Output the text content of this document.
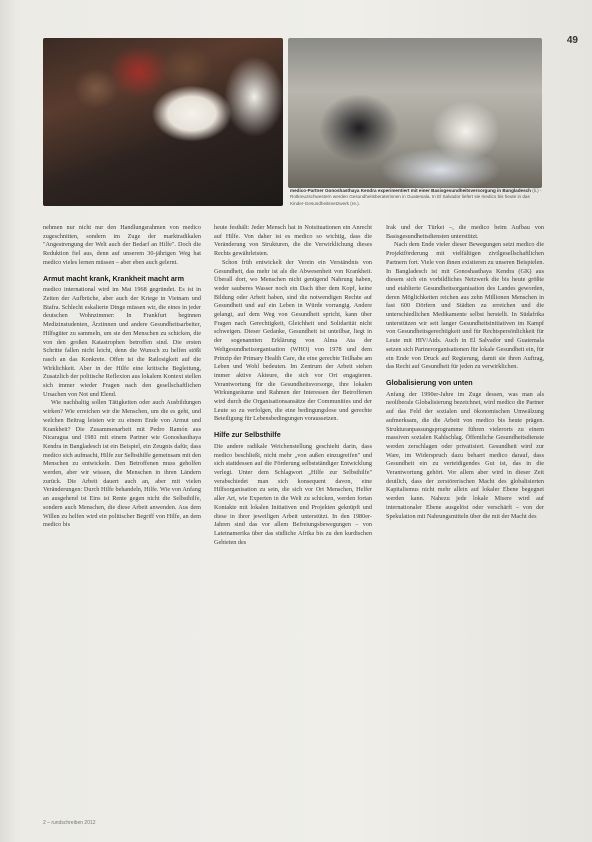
49
medico-Partner Gonoshasthaya Kendra experimentiert mit einer Basisgesundheitsversorgung in Bangladesch (li.) - Rotkreuzschwestern werden Gesundheitsberaterinnen in Guatemala. In El Salvador liefert sie medico bis heute in das Kinder-Gesundheitsnetzwerk (re.).

nehmen nur nicht nur den Handlungsrahmen von medico zugeschnitten, sondern im Zuge der marktradikalen "Angestrengung der Welt auch der Bedarf an Hilfe". Doch die Reduktion fiel aus, denn auf unserem 30-jährigen Weg hat medico vieles lernen müssen – aber eben auch gelernt.

Armut macht krank, Krankheit macht arm

medico international wird im Mai 1968 gegründet. Es ist in Zeiten der Aufbrüche, aber auch der Kriege in Vietnam und Biafra. Schlecht eskalierte Dinge müssen wir, die eines in jeder deutschen Wohnzimmer: In Frankfurt beginnen Medizinstudenten, Ärztinnen und andere Gesundheitsarbeiter, Hilfsgüter zu sammeln, um sie den Menschen zu schicken, die von den großen Katastrophen betroffen sind. Die ersten Schritte fallen nicht leicht, denn die Wunsch zu helfen stößt rasch an das Konkrete. Offen ist die Ratlosigkeit auf die Wirklichkeit. Aber in der Hilfe eine kritische Begleitung, Zusatzlich der politische Reflexion aus lokalem Kontext stellen sich immer wieder Fragen nach den gesellschaftlichen Ursachen von Not und Elend.

Wie nachhaltig sollen Tätigkeiten oder auch Ausbildungen wirken? Wie erreichen wir die Menschen, um die es geht, und welchen Beitrag leisten wir zu einem Ende von Armut und Krankheit? Die Zusammenarbeit mit Pedro Ramón aus Nicaragua und 1981 mit einem Partner wie Gonoshasthaya Kendra in Bangladesch ist ein Beispiel, ein Zeugnis dafür, dass medico sich aufmacht, Hilfe zur Selbsthilfe gemeinsam mit den Menschen zu entwickeln. Den Betroffenen muss geholfen werden, aber wir wissen, die Menschen in ihren Ländern zurück. Die Arbeit dauert auch an, aber mit vielen Veränderungen: Durch Hilfe behandeln, Hilfe. Wie von Anfang an ausgehend ist Eins ist Rente gegen nicht die Selbsthilfe, sondern auch Menschen, die diese Arbeit anwenden. Aus dem Willen zu helfen wird ein politischer Begriff von Hilfe, an dem medico bis

heute festhält: Jeder Mensch hat in Notsituationen ein Anrecht auf Hilfe. Von daher ist es medico so wichtig, dass die Veränderung von Strukturen, die die Verwirklichung dieses Rechts gewährleisten.

Schon früh entwickelt der Verein ein Verständnis von Gesundheit, das mehr ist als die Abwesenheit von Krankheit. Überall dort, wo Menschen nicht genügend Nahrung haben, weder sauberes Wasser noch ein Dach über dem Kopf, keine Bildung oder Arbeit haben, sind die notwendigen Rechte auf Gesundheit und auf ein Leben in Würde vorrangig. Andere gelangt, auf dem Weg von Gesundheit spricht, kann über Fragen nach Gerechtigkeit, Gleichheit und Solidarität nicht schweigen. Dieser Gedanke, Gesundheit ist unteilbar, liegt in der sogenannten Erklärung von Alma Ata der Weltgesundheitsorganisation (WHO) von 1978 und dem Prinzip der Primary Health Care, die eine gerechte Teilhabe am Leben und Wohl bedeuten. Im Zentrum der Arbeit stehen immer aktive Akteure, die sich vor Ort engagieren. Verantwortung für die Gesundheitsvorsorge, ihre lokalen Wirkungsräume und Rahmen der Interessen der Betroffenen wird durch die Organisationsansätze der Communities und der Leute so zu verfolgen, die eine bedingungslose und gerechte Beteiligung für Lebensbedingungen voraussetzen.

Hilfe zur Selbsthilfe

Die andere radikale Weichenstellung geschieht darin, dass medico beschließt, nicht mehr „von außen einzugreifen" und sich stattdessen auf die Förderung selbstständiger Entwicklung verlegt. Unter dem Schlagwort „Hilfe zur Selbsthilfe" verabschiedet man sich konsequent davon, eine Hilfsorganisation zu sein, die sich vor Ort Menschen, Helfer aller Art, wie Experten in die Welt zu schicken, werden fortan Kontakte mit lokalen Initiativen und Projekten geknüpft und diese in ihrer jeweiligen Arbeit unterstützt. In den 1980er-Jahren sind das vor allem Befreiungsbewegungen – von Lateinamerika über das südliche Afrika bis zu den kurdischen Gebieten des

Irak und der Türkei –, die medico beim Aufbau von Basisgesundheitsdiensten unterstützt.

Nach dem Ende vieler dieser Bewegungen setzt medico die Projektförderung mit vielfältigen zivilgesellschaftlichen Partnern fort. Viele von ihnen existieren zu unseren Beispielen. In Bangladesch ist mit Gonoshasthaya Kendra (GK) aus diesem sich ein vorbildliches Netzwerk die bis heute größte und etablierte Gesundheitsorganisation des Landes geworden, deren Möglichkeiten reichen aus zehn Millionen Menschen in fast 600 Dörfern und Städten zu erreichen und die unterschiedlichen Medikamente selbst herstellt. In Südafrika unterstützen wir seit langer Gesundheitsinitiativen im Kampf von Gesundheitsgerechtigkeit und für Rechtspersönlichkeit für Leute mit HIV/Aids. Auch in El Salvador und Guatemala setzen sich Partnerorganisationen für lokale Gesundheit ein, für ein Ende von Druck auf Regierung, damit sie ihren Auftrag, das Recht auf Gesundheit für jeden zu verwirklichen.

Globalisierung von unten

Anfang der 1990er-Jahre im Zuge dessen, was man als neoliberale Globalisierung bezeichnet, wird medico die Partner auf das Feld der sozialen und ökonomischen Umwälzung aufmerksam, die die Arbeit von medico bis heute prägen. Strukturanpassungsprogramme führen vielerorts zu einem massiven sozialen Kahlschlag. Öffentliche Gesundheitsdienste werden zerschlagen oder privatisiert. Gesundheit wird zur Ware, im Widerspruch dazu beharrt medico darauf, dass Gesundheit ein zu verteidigendes Gut ist, das in die Verantwortung gehört. Vor allem aber wird in dieser Zeit deutlich, dass der zerstörerischen Macht des globalisierten Kapitalismus nicht mehr allein auf lokaler Ebene begegnet werden kann. Nahezu jede lokale Misere wird auf internationaler Ebene ausgelöst oder verschärft – von der Spekulation mit Nahrungsmitteln über die mit der Macht des

2 – rundschreiben 2012
